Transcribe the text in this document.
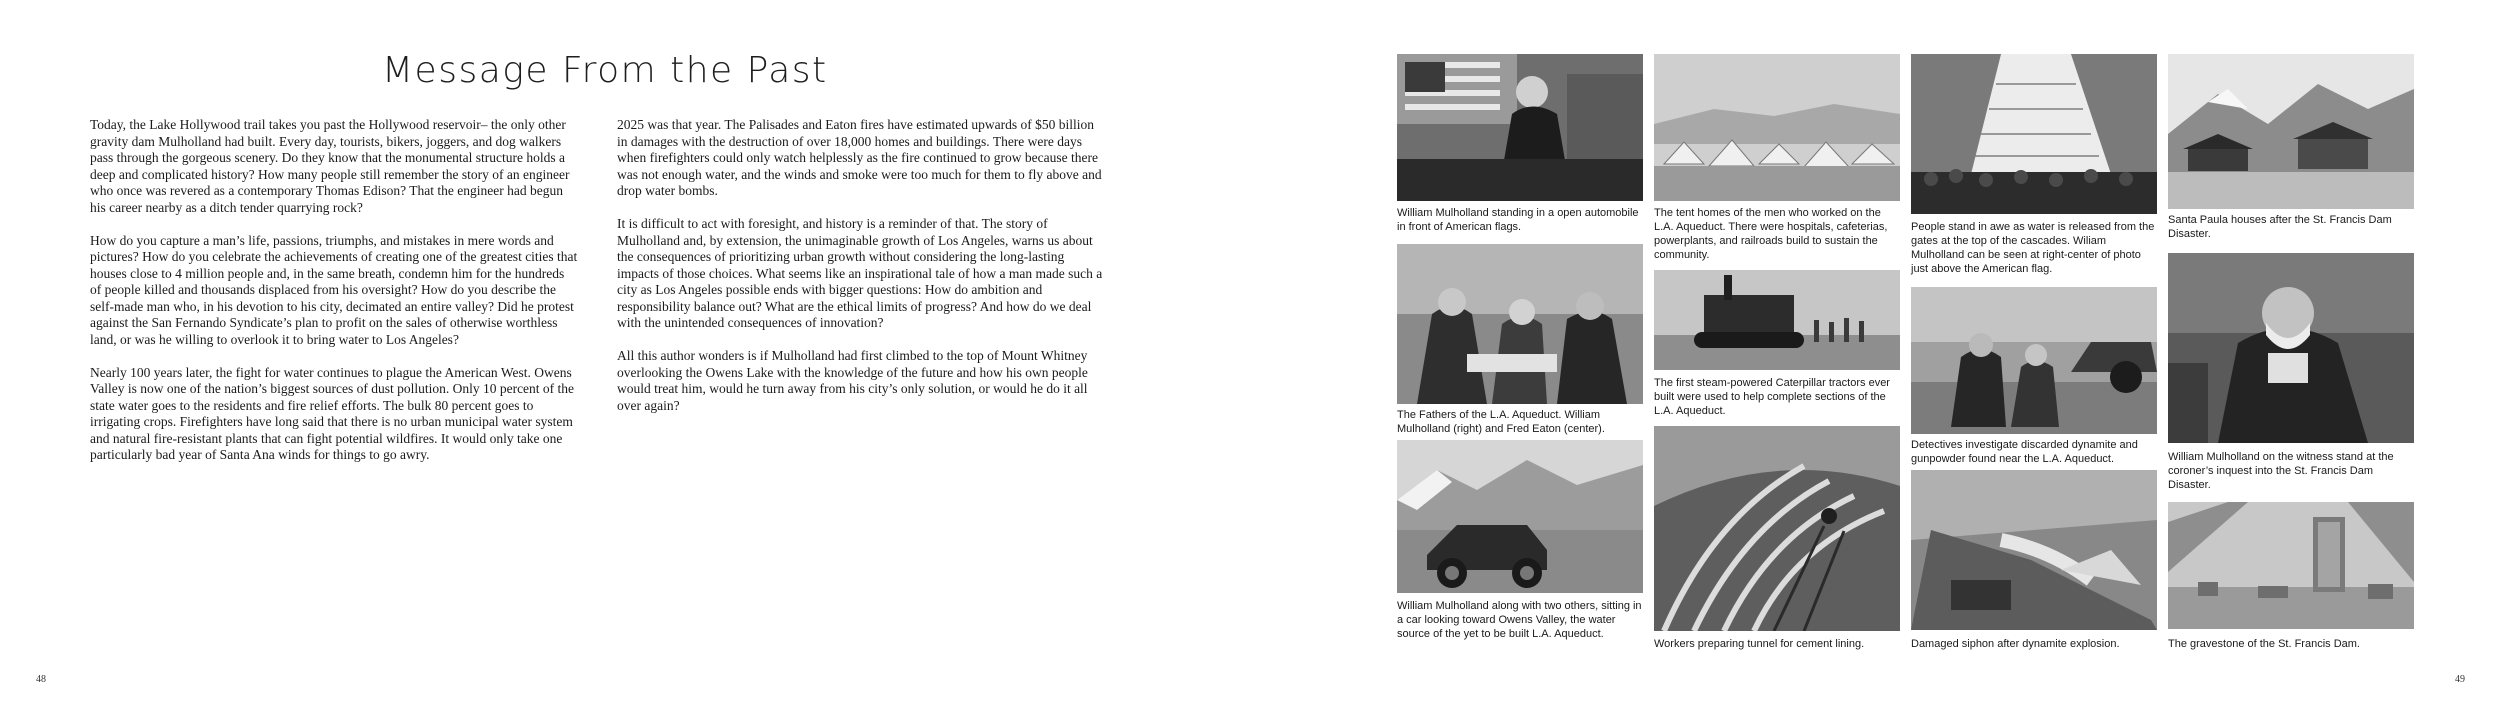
Message From the Past

Today, the Lake Hollywood trail takes you past the Hollywood reservoir– the only other gravity dam Mulholland had built. Every day, tourists, bikers, joggers, and dog walkers pass through the gorgeous scenery. Do they know that the monumental structure holds a deep and complicated history? How many people still remember the story of an engineer who once was revered as a contemporary Thomas Edison? That the engineer had begun his career nearby as a ditch tender quarrying rock?

How do you capture a man’s life, passions, triumphs, and mistakes in mere words and pictures? How do you celebrate the achievements of creating one of the greatest cities that houses close to 4 million people and, in the same breath, condemn him for the hundreds of people killed and thousands displaced from his oversight? How do you describe the self-made man who, in his devotion to his city, decimated an entire valley? Did he protest against the San Fernando Syndicate’s plan to profit on the sales of otherwise worthless land, or was he willing to overlook it to bring water to Los Angeles?

Nearly 100 years later, the fight for water continues to plague the American West. Owens Valley is now one of the nation’s biggest sources of dust pollution. Only 10 percent of the state water goes to the residents and fire relief efforts. The bulk 80 percent goes to irrigating crops. Firefighters have long said that there is no urban municipal water system and natural fire-resistant plants that can fight potential wildfires. It would only take one particularly bad year of Santa Ana winds for things to go awry.

2025 was that year. The Palisades and Eaton fires have estimated upwards of $50 billion in damages with the destruction of over 18,000 homes and buildings. There were days when firefighters could only watch helplessly as the fire continued to grow because there was not enough water, and the winds and smoke were too much for them to fly above and drop water bombs.

It is difficult to act with foresight, and history is a reminder of that. The story of Mulholland and, by extension, the unimaginable growth of Los Angeles, warns us about the consequences of prioritizing urban growth without considering the long-lasting impacts of those choices. What seems like an inspirational tale of how a man made such a city as Los Angeles possible ends with bigger questions: How do ambition and responsibility balance out? What are the ethical limits of progress? And how do we deal with the unintended consequences of innovation?

All this author wonders is if Mulholland had first climbed to the top of Mount Whitney overlooking the Owens Lake with the knowledge of the future and how his own people would treat him, would he turn away from his city’s only solution, or would he do it all over again?

48

William Mulholland standing in a open automobile in front of American flags.

The Fathers of the L.A. Aqueduct. William Mulholland (right) and Fred Eaton (center).

William Mulholland along with two others, sitting in a car looking toward Owens Valley, the water source of the yet to be built L.A. Aqueduct.

The tent homes of the men who worked on the L.A. Aqueduct. There were hospitals, cafeterias, powerplants, and railroads build to sustain the community.

The first steam-powered Caterpillar tractors ever built were used to help complete sections of the L.A. Aqueduct.

Workers preparing tunnel for cement lining.

People stand in awe as water is released from the gates at the top of the cascades. Wiliam Mulholland can be seen at right-center of photo just above the American flag.

Detectives investigate discarded dynamite and gunpowder found near the L.A. Aqueduct.

Damaged siphon after dynamite explosion.

Santa Paula houses after the St. Francis Dam Disaster.

William Mulholland on the witness stand at the coroner’s inquest into the St. Francis Dam Disaster.

The gravestone of the St. Francis Dam.

49
